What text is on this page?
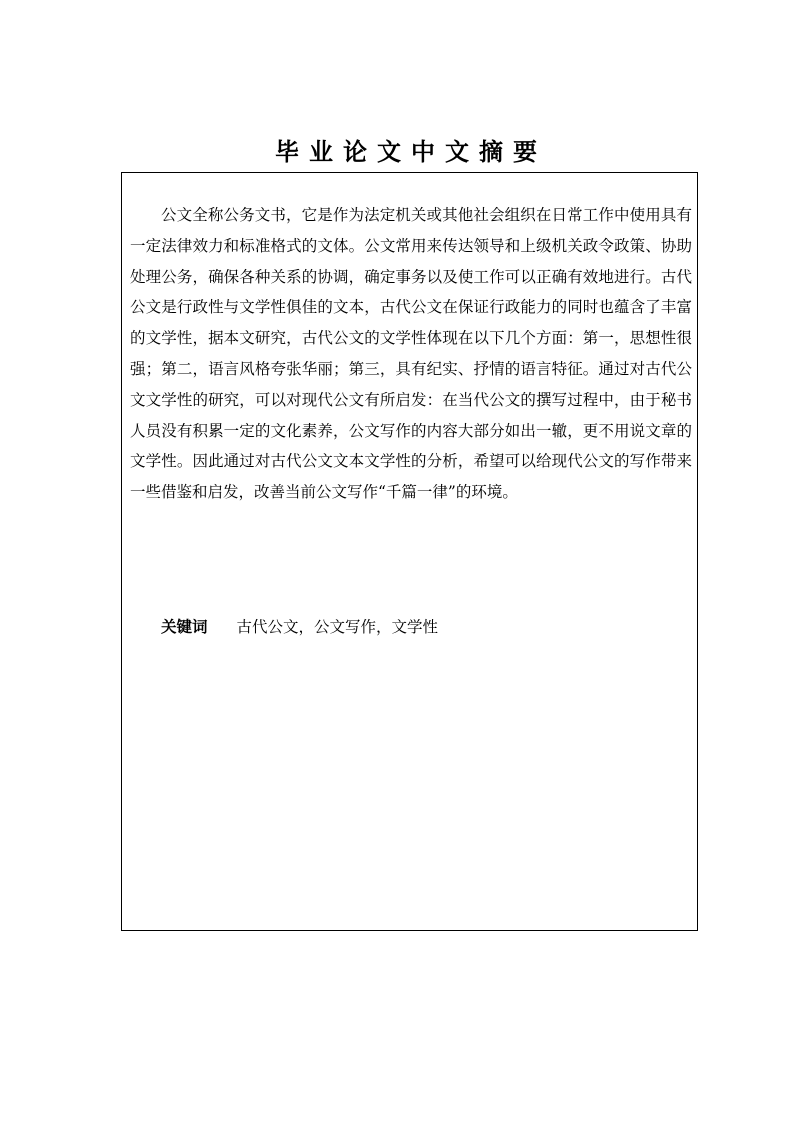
毕业论文中文摘要

公文全称公务文书，它是作为法定机关或其他社会组织在日常工作中使用具有一定法律效力和标准格式的文体。公文常用来传达领导和上级机关政令政策、协助处理公务，确保各种关系的协调，确定事务以及使工作可以正确有效地进行。古代公文是行政性与文学性俱佳的文本，古代公文在保证行政能力的同时也蕴含了丰富的文学性，据本文研究，古代公文的文学性体现在以下几个方面：第一，思想性很强；第二，语言风格夸张华丽；第三，具有纪实、抒情的语言特征。通过对古代公文文学性的研究，可以对现代公文有所启发：在当代公文的撰写过程中，由于秘书人员没有积累一定的文化素养，公文写作的内容大部分如出一辙，更不用说文章的文学性。因此通过对古代公文文本文学性的分析，希望可以给现代公文的写作带来一些借鉴和启发，改善当前公文写作“千篇一律”的环境。

关键词 古代公文，公文写作，文学性
